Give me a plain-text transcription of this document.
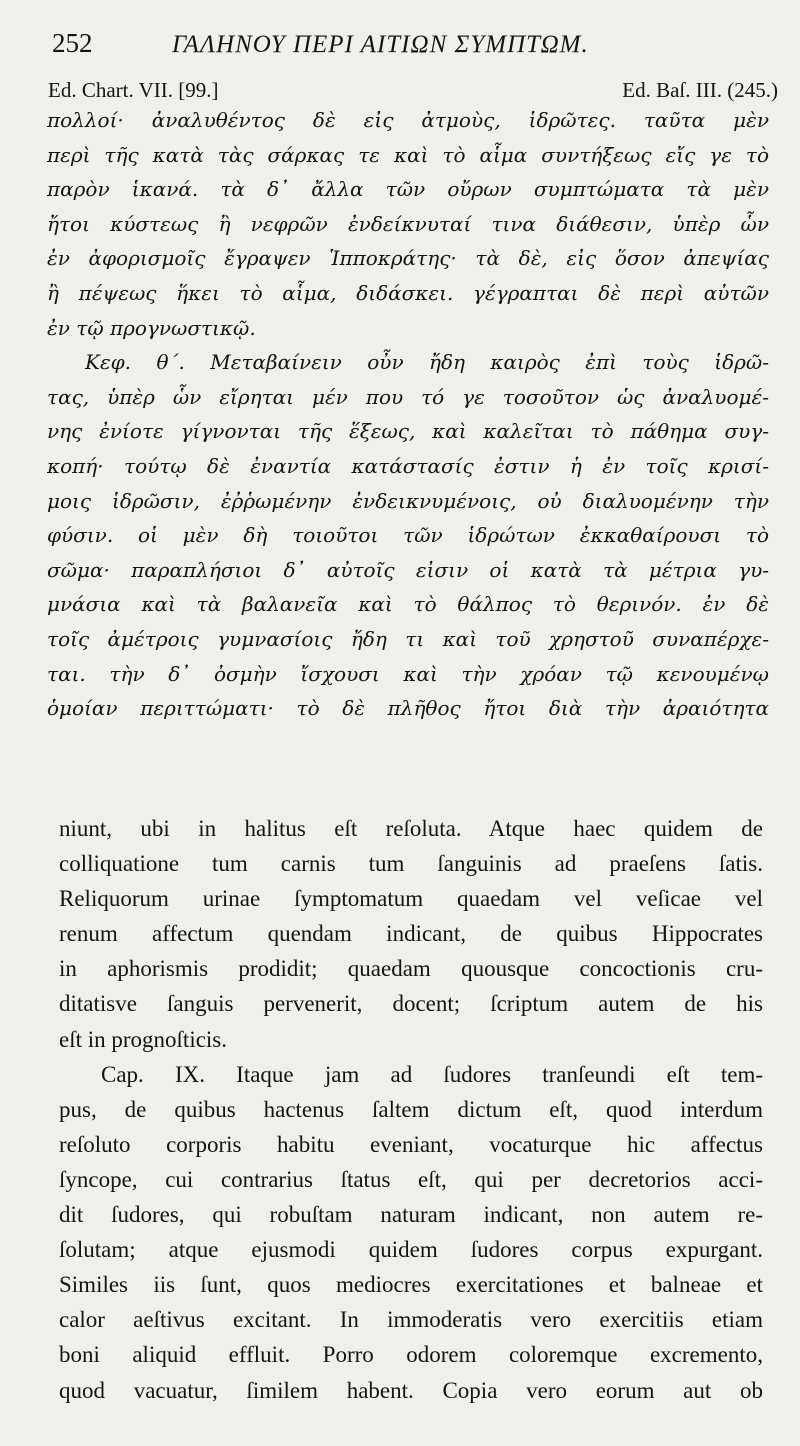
252	ΓΑΛΗΝΟΥ ΠΕΡΙ ΑΙΤΙΩΝ ΣΥΜΠΤΩΜ.
Ed. Chart. VII. [99.]	Ed. Baſ. III. (245.)
πολλοί· ἀναλυθέντος δὲ εἰς ἀτμοὺς, ἱδρῶτες. ταῦτα μὲν
περὶ τῆς κατὰ τὰς σάρκας τε καὶ τὸ αἷμα συντήξεως εἴς γε τὸ
παρὸν ἱκανά. τὰ δ᾽ ἄλλα τῶν οὔρων συμπτώματα τὰ μὲν
ἤτοι κύστεως ἢ νεφρῶν ἐνδείκνυταί τινα διάθεσιν, ὑπὲρ ὧν
ἐν ἀφορισμοῖς ἔγραψεν Ἱπποκράτης· τὰ δὲ, εἰς ὅσον ἀπεψίας
ἢ πέψεως ἥκει τὸ αἷμα, διδάσκει. γέγραπται δὲ περὶ αὐτῶν
ἐν τῷ προγνωστικῷ.
Κεφ. θ΄. Μεταβαίνειν οὖν ἤδη καιρὸς ἐπὶ τοὺς ἱδρῶ-
τας, ὑπὲρ ὧν εἴρηται μέν που τό γε τοσοῦτον ὡς ἀναλυομέ-
νης ἐνίοτε γίγνονται τῆς ἕξεως, καὶ καλεῖται τὸ πάθημα συγ-
κοπή· τούτῳ δὲ ἐναντία κατάστασίς ἐστιν ἡ ἐν τοῖς κρισί-
μοις ἱδρῶσιν, ἐῤῥωμένην ἐνδεικνυμένοις, οὐ διαλυομένην τὴν
φύσιν. οἱ μὲν δὴ τοιοῦτοι τῶν ἱδρώτων ἐκκαθαίρουσι τὸ
σῶμα· παραπλήσιοι δ᾽ αὐτοῖς εἰσιν οἱ κατὰ τὰ μέτρια γυ-
μνάσια καὶ τὰ βαλανεῖα καὶ τὸ θάλπος τὸ θερινόν. ἐν δὲ
τοῖς ἀμέτροις γυμνασίοις ἤδη τι καὶ τοῦ χρηστοῦ συναπέρχε-
ται. τὴν δ᾽ ὀσμὴν ἴσχουσι καὶ τὴν χρόαν τῷ κενουμένῳ
ὁμοίαν περιττώματι· τὸ δὲ πλῆθος ἤτοι διὰ τὴν ἀραιότητα
niunt, ubi in halitus eſt reſoluta. Atque haec quidem de
colliquatione tum carnis tum ſanguinis ad praeſens ſatis.
Reliquorum urinae ſymptomatum quaedam vel veſicae vel
renum affectum quendam indicant, de quibus Hippocrates
in aphorismis prodidit; quaedam quousque concoctionis cru-
ditatisve ſanguis pervenerit, docent; ſcriptum autem de his
eſt in prognoſticis.
Cap. IX. Itaque jam ad ſudores tranſeundi eſt tem-
pus, de quibus hactenus ſaltem dictum eſt, quod interdum
reſoluto corporis habitu eveniant, vocaturque hic affectus
ſyncope, cui contrarius ſtatus eſt, qui per decretorios acci-
dit ſudores, qui robuſtam naturam indicant, non autem re-
ſolutam; atque ejusmodi quidem ſudores corpus expurgant.
Similes iis ſunt, quos mediocres exercitationes et balneae et
calor aeſtivus excitant. In immoderatis vero exercitiis etiam
boni aliquid effluit. Porro odorem coloremque excremento,
quod vacuatur, ſimilem habent. Copia vero eorum aut ob
